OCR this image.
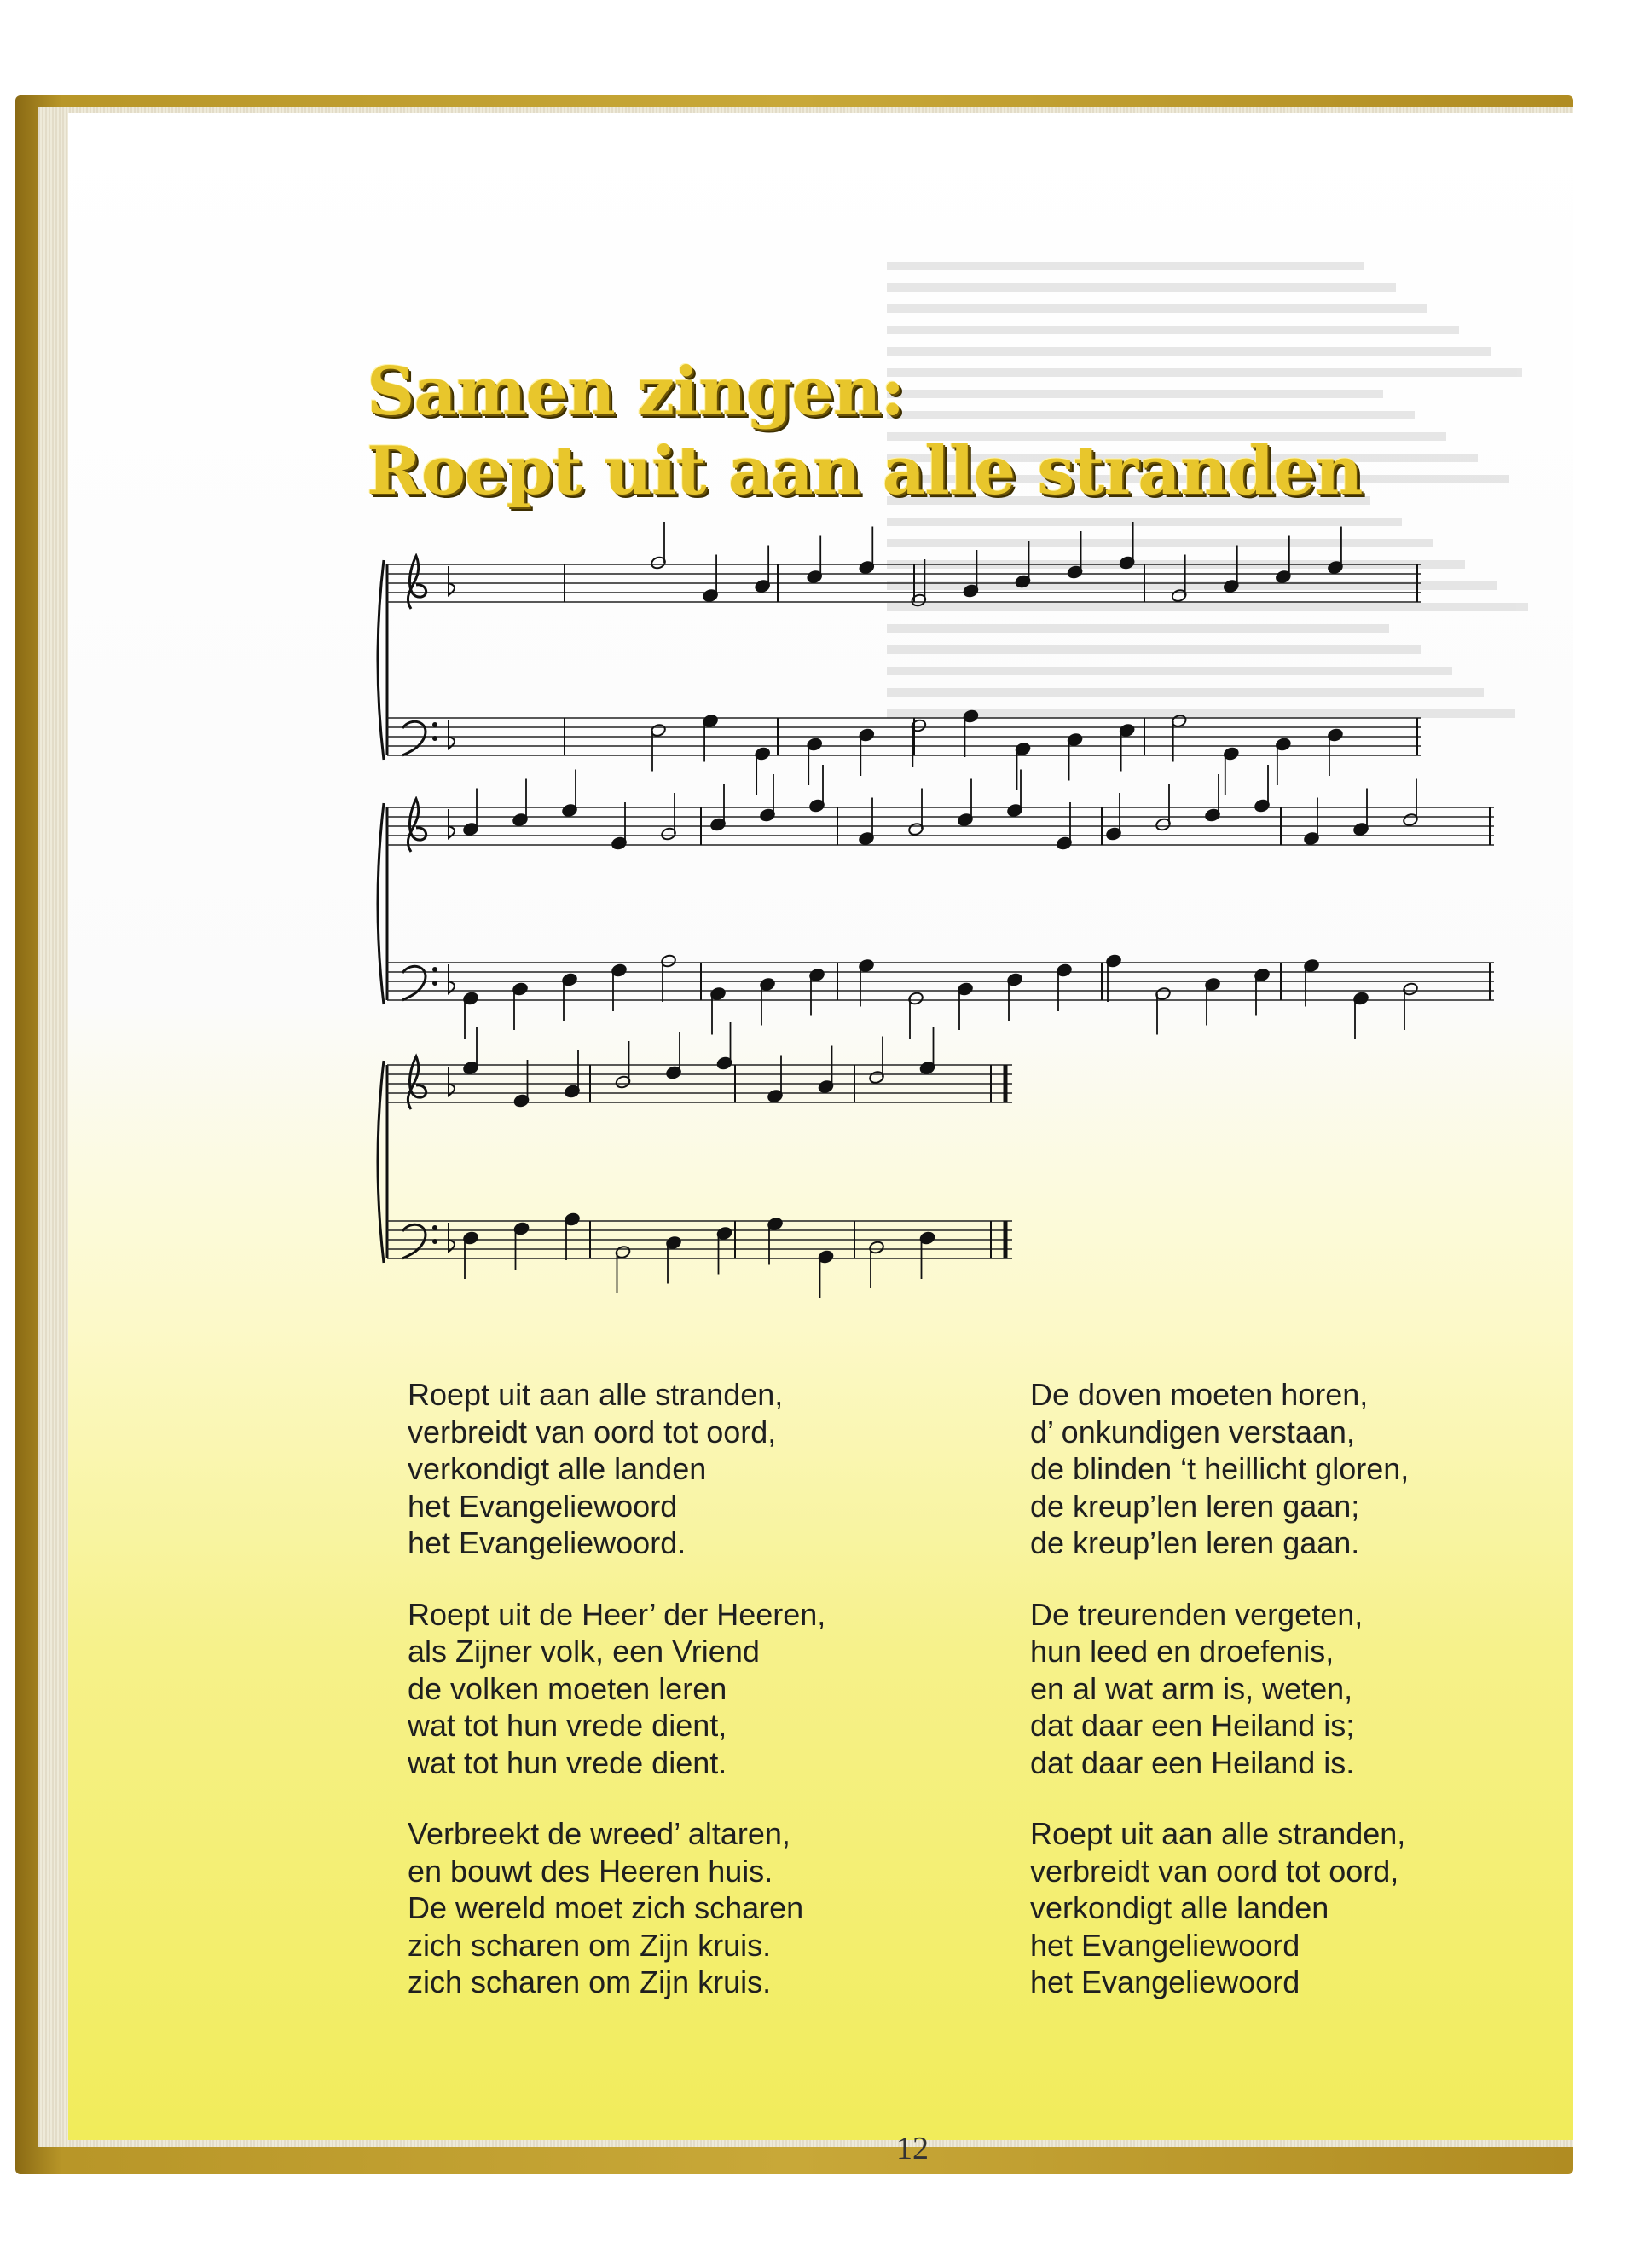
Samen zingen:
Roept uit aan alle stranden
Roept uit aan alle stranden,
verbreidt van oord tot oord,
verkondigt alle landen
het Evangeliewoord
het Evangeliewoord.
Roept uit de Heer’ der Heeren,
als Zijner volk, een Vriend
de volken moeten leren
wat tot hun vrede dient,
wat tot hun vrede dient.
Verbreekt de wreed’ altaren,
en bouwt des Heeren huis.
De wereld moet zich scharen
zich scharen om Zijn kruis.
zich scharen om Zijn kruis.
De doven moeten horen,
d’ onkundigen verstaan,
de blinden ‘t heillicht gloren,
de kreup’len leren gaan;
de kreup’len leren gaan.
De treurenden vergeten,
hun leed en droefenis,
en al wat arm is, weten,
dat daar een Heiland is;
dat daar een Heiland is.
Roept uit aan alle stranden,
verbreidt van oord tot oord,
verkondigt alle landen
het Evangeliewoord
het Evangeliewoord
12
